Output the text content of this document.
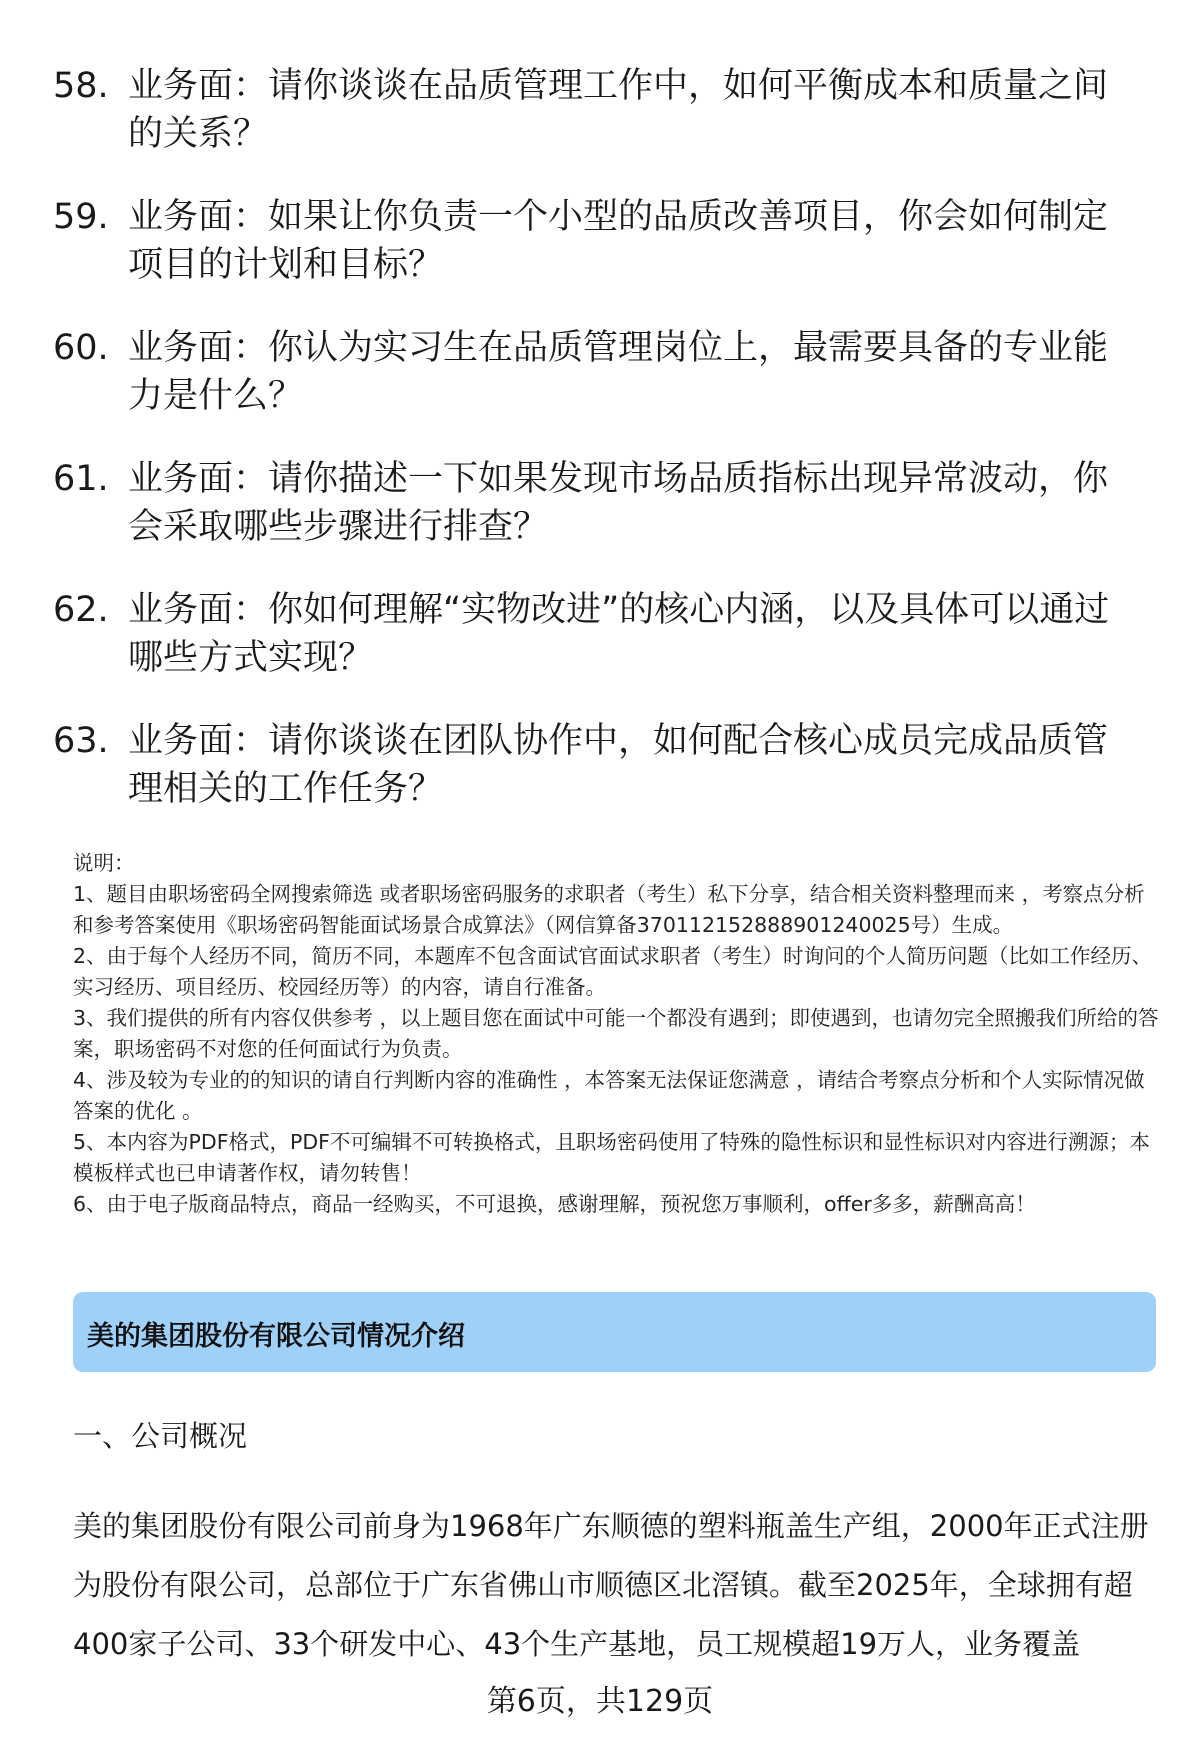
58. 业务面：请你谈谈在品质管理工作中，如何平衡成本和质量之间的关系？
59. 业务面：如果让你负责一个小型的品质改善项目，你会如何制定项目的计划和目标？
60. 业务面：你认为实习生在品质管理岗位上，最需要具备的专业能力是什么？
61. 业务面：请你描述一下如果发现市场品质指标出现异常波动，你会采取哪些步骤进行排查？
62. 业务面：你如何理解“实物改进”的核心内涵，以及具体可以通过哪些方式实现？
63. 业务面：请你谈谈在团队协作中，如何配合核心成员完成品质管理相关的工作任务？
说明：
1、题目由职场密码全网搜索筛选 或者职场密码服务的求职者（考生）私下分享，结合相关资料整理而来 ，考察点分析和参考答案使用《职场密码智能面试场景合成算法》（网信算备370112152888901240025号）生成。
2、由于每个人经历不同，简历不同，本题库不包含面试官面试求职者（考生）时询问的个人简历问题（比如工作经历、实习经历、项目经历、校园经历等）的内容，请自行准备。
3、我们提供的所有内容仅供参考 ，以上题目您在面试中可能一个都没有遇到；即使遇到，也请勿完全照搬我们所给的答案，职场密码不对您的任何面试行为负责。
4、涉及较为专业的的知识的请自行判断内容的准确性 ，本答案无法保证您满意 ，请结合考察点分析和个人实际情况做答案的优化 。
5、本内容为PDF格式，PDF不可编辑不可转换格式，且职场密码使用了特殊的隐性标识和显性标识对内容进行溯源；本模板样式也已申请著作权，请勿转售！
6、由于电子版商品特点，商品一经购买，不可退换，感谢理解，预祝您万事顺利，offer多多，薪酬高高！
美的集团股份有限公司情况介绍
一、公司概况
美的集团股份有限公司前身为1968年广东顺德的塑料瓶盖生产组，2000年正式注册为股份有限公司，总部位于广东省佛山市顺德区北滘镇。截至2025年，全球拥有超400家子公司、33个研发中心、43个生产基地，员工规模超19万人，业务覆盖
第6页，共129页
